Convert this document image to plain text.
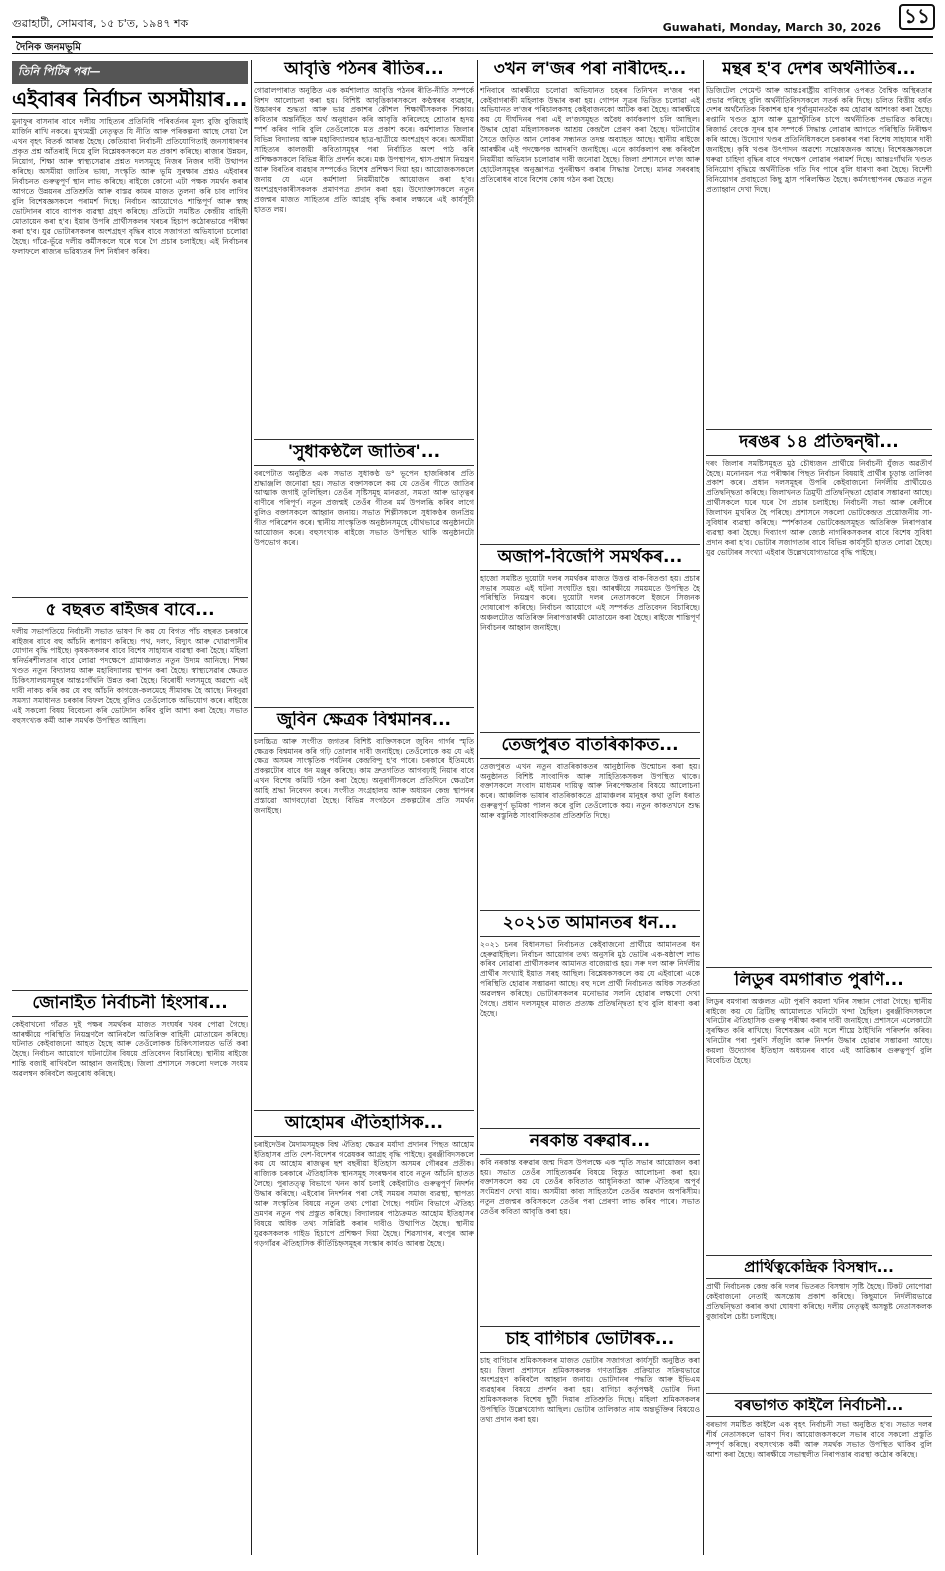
গুৱাহাটী, সোমবাৰ, ১৫ চ'ত, ১৯৪৭ শক	Guwahati, Monday, March 30, 2026 ১১
দৈনিক জনমভূমি
তিনি পিটিৰ পৰা—
এইবাৰৰ নিৰ্বাচন অসমীয়াৰ...
মুনাফুৰ বাসনাৰ বাবে দলীয় সাহিত্যৰ প্ৰতিনিধি পৰিবৰ্তনৰ মূল্য বুজি বুজিয়াই মাৰ্জিন ৰাখি নকৰে। মুখ্যমন্ত্ৰী নেতৃত্বত যি নীতি আৰু পৰিকল্পনা আছে সেয়া লৈ এখন বৃহৎ বিতৰ্ক আৰম্ভ হৈছে। কেতিয়াবা নিৰ্বাচনী প্ৰতিযোগিতাই জনসাধাৰণৰ প্ৰকৃত প্ৰশ্ন আঁতৰাই দিয়ে বুলি বিশ্লেষকসকলে মত প্ৰকাশ কৰিছে। ৰাজ্যৰ উন্নয়ন, নিয়োগ, শিক্ষা আৰু স্বাস্থ্যসেৱাৰ প্ৰশ্নত দলসমূহে নিজৰ নিজৰ দাবী উত্থাপন কৰিছে। অসমীয়া জাতিৰ ভাষা, সংস্কৃতি আৰু ভূমি সুৰক্ষাৰ প্ৰশ্নও এইবাৰৰ নিৰ্বাচনত গুৰুত্বপূৰ্ণ স্থান লাভ কৰিছে। ৰাইজে কোনো এটা পক্ষক সমৰ্থন কৰাৰ আগতে উন্নয়নৰ প্ৰতিশ্ৰুতি আৰু বাস্তৱ কামৰ মাজত তুলনা কৰি চাব লাগিব বুলি বিশেষজ্ঞসকলে পৰামৰ্শ দিছে। নিৰ্বাচন আয়োগেও শান্তিপূৰ্ণ আৰু স্বচ্ছ ভোটদানৰ বাবে ব্যাপক ব্যৱস্থা গ্ৰহণ কৰিছে। প্ৰতিটো সমষ্টিত কেন্দ্ৰীয় বাহিনী মোতায়েন কৰা হ'ব। ইয়াৰ উপৰি প্ৰাৰ্থীসকলৰ খৰচৰ হিচাপ কঠোৰভাৱে পৰীক্ষা কৰা হ'ব। যুৱ ভোটাৰসকলৰ অংশগ্ৰহণ বৃদ্ধিৰ বাবে সজাগতা অভিযানো চলোৱা হৈছে। গাঁৱে-ভূঁৱে দলীয় কৰ্মীসকলে ঘৰে ঘৰে গৈ প্ৰচাৰ চলাইছে। এই নিৰ্বাচনৰ ফলাফলে ৰাজ্যৰ ভৱিষ্যতৰ দিশ নিৰ্ধাৰণ কৰিব।
৫ বছৰত ৰাইজৰ বাবে...
দলীয় সভাপতিয়ে নিৰ্বাচনী সভাত ভাষণ দি কয় যে বিগত পাঁচ বছৰত চৰকাৰে ৰাইজৰ বাবে বহু আঁচনি ৰূপায়ণ কৰিছে। পথ, দলং, বিদ্যুৎ আৰু খোৱাপানীৰ যোগান বৃদ্ধি পাইছে। কৃষকসকলৰ বাবে বিশেষ সাহায্যৰ ব্যৱস্থা কৰা হৈছে। মহিলা স্বনিৰ্ভৰশীলতাৰ বাবে লোৱা পদক্ষেপে গ্ৰামাঞ্চলত নতুন উদ্যম আনিছে। শিক্ষা খণ্ডত নতুন বিদ্যালয় আৰু মহাবিদ্যালয় স্থাপন কৰা হৈছে। স্বাস্থ্যসেৱাৰ ক্ষেত্ৰত চিকিৎসালয়সমূহৰ আন্তঃগাঁথনি উন্নত কৰা হৈছে। বিৰোধী দলসমূহে অৱশ্যে এই দাবী নাকচ কৰি কয় যে বহু আঁচনি কাগজে-কলমেহে সীমাবদ্ধ হৈ আছে। নিবনুৱা সমস্যা সমাধানত চৰকাৰ বিফল হৈছে বুলিও তেওঁলোকে অভিযোগ কৰে। ৰাইজে এই সকলো বিষয় বিবেচনা কৰি ভোটদান কৰিব বুলি আশা কৰা হৈছে। সভাত বহুসংখ্যক কৰ্মী আৰু সমৰ্থক উপস্থিত আছিল।
জোনাইত নিৰ্বাচনী হিংসাৰ...
কেইবাখনো গাঁৱত দুই পক্ষৰ সমৰ্থকৰ মাজত সংঘৰ্ষৰ খবৰ পোৱা গৈছে। আৰক্ষীয়ে পৰিস্থিতি নিয়ন্ত্ৰণলৈ আনিবলৈ অতিৰিক্ত বাহিনী মোতায়েন কৰিছে। ঘটনাত কেইবাজনো আহত হৈছে আৰু তেওঁলোকক চিকিৎসালয়ত ভৰ্তি কৰা হৈছে। নিৰ্বাচন আয়োগে ঘটনাটোৰ বিষয়ে প্ৰতিবেদন বিচাৰিছে। স্থানীয় ৰাইজে শান্তি বজাই ৰাখিবলৈ আহ্বান জনাইছে। জিলা প্ৰশাসনে সকলো দলকে সংযম অৱলম্বন কৰিবলৈ অনুৰোধ কৰিছে।
আবৃত্তি পঠনৰ ৰীতিৰ...
গোৱালপাৰাত অনুষ্ঠিত এক কৰ্মশালাত আবৃত্তি পঠনৰ ৰীতি-নীতি সম্পৰ্কে বিশদ আলোচনা কৰা হয়। বিশিষ্ট আবৃত্তিকাৰসকলে কণ্ঠস্বৰৰ ব্যৱহাৰ, উচ্চাৰণৰ শুদ্ধতা আৰু ভাৱ প্ৰকাশৰ কৌশল শিক্ষাৰ্থীসকলক শিকায়। কবিতাৰ অন্তৰ্নিহিত অৰ্থ অনুধাৱন কৰি আবৃত্তি কৰিলেহে শ্ৰোতাৰ হৃদয় স্পৰ্শ কৰিব পাৰি বুলি তেওঁলোকে মত প্ৰকাশ কৰে। কৰ্মশালাত জিলাৰ বিভিন্ন বিদ্যালয় আৰু মহাবিদ্যালয়ৰ ছাত্ৰ-ছাত্ৰীয়ে অংশগ্ৰহণ কৰে। অসমীয়া সাহিত্যৰ কালজয়ী কবিতাসমূহৰ পৰা নিৰ্বাচিত অংশ পাঠ কৰি প্ৰশিক্ষকসকলে বিভিন্ন ৰীতি প্ৰদৰ্শন কৰে। মঞ্চ উপস্থাপন, শ্বাস-প্ৰশ্বাস নিয়ন্ত্ৰণ আৰু বিৰতিৰ ব্যৱহাৰ সম্পৰ্কেও বিশেষ প্ৰশিক্ষণ দিয়া হয়। আয়োজকসকলে জনায় যে এনে কৰ্মশালা নিয়মীয়াকৈ আয়োজন কৰা হ'ব। অংশগ্ৰহণকাৰীসকলক প্ৰমাণপত্ৰ প্ৰদান কৰা হয়। উদ্যোক্তাসকলে নতুন প্ৰজন্মৰ মাজত সাহিত্যৰ প্ৰতি আগ্ৰহ বৃদ্ধি কৰাৰ লক্ষ্যৰে এই কাৰ্যসূচী হাতত লয়।
'সুধাকণ্ঠলৈ জাতিৰ'...
বৰপেটাত অনুষ্ঠিত এক সভাত সুধাকণ্ঠ ড° ভূপেন হাজৰিকাৰ প্ৰতি শ্ৰদ্ধাঞ্জলি জনোৱা হয়। সভাত বক্তাসকলে কয় যে তেওঁৰ গীতে জাতিৰ আত্মাক জগাই তুলিছিল। তেওঁৰ সৃষ্টিসমূহ মানৱতা, সমতা আৰু ভাতৃত্বৰ বাণীৰে পৰিপূৰ্ণ। নতুন প্ৰজন্মই তেওঁৰ গীতৰ মৰ্ম উপলব্ধি কৰিব লাগে বুলিও বক্তাসকলে আহ্বান জনায়। সভাত শিল্পীসকলে সুধাকণ্ঠৰ জনপ্ৰিয় গীত পৰিৱেশন কৰে। স্থানীয় সাংস্কৃতিক অনুষ্ঠানসমূহে যৌথভাৱে অনুষ্ঠানটো আয়োজন কৰে। বহুসংখ্যক ৰাইজে সভাত উপস্থিত থাকি অনুষ্ঠানটো উপভোগ কৰে।
জুবিন ক্ষেত্ৰক বিশ্বমানৰ...
চলচ্চিত্ৰ আৰু সংগীত জগতৰ বিশিষ্ট ব্যক্তিসকলে জুবিন গাৰ্গৰ স্মৃতি ক্ষেত্ৰক বিশ্বমানৰ কৰি গঢ়ি তোলাৰ দাবী জনাইছে। তেওঁলোকে কয় যে এই ক্ষেত্ৰ অসমৰ সাংস্কৃতিক পৰ্যটনৰ কেন্দ্ৰবিন্দু হ'ব পাৰে। চৰকাৰে ইতিমধ্যে প্ৰকল্পটোৰ বাবে ধন মঞ্জুৰ কৰিছে। কাম দ্ৰুতগতিত আগবঢ়াই নিয়াৰ বাবে এখন বিশেষ কমিটি গঠন কৰা হৈছে। অনুৰাগীসকলে প্ৰতিদিনে ক্ষেত্ৰলৈ আহি শ্ৰদ্ধা নিবেদন কৰে। সংগীত সংগ্ৰহালয় আৰু অধ্যয়ন কেন্দ্ৰ স্থাপনৰ প্ৰস্তাৱো আগবঢ়োৱা হৈছে। বিভিন্ন সংগঠনে প্ৰকল্পটোৰ প্ৰতি সমৰ্থন জনাইছে।
আহোমৰ ঐতিহাসিক...
চৰাইদেউৰ মৈদামসমূহক বিশ্ব ঐতিহ্য ক্ষেত্ৰৰ মৰ্যাদা প্ৰদানৰ পিছত আহোম ইতিহাসৰ প্ৰতি দেশ-বিদেশৰ গৱেষকৰ আগ্ৰহ বৃদ্ধি পাইছে। বুৰঞ্জীবিদসকলে কয় যে আহোম ৰাজত্বৰ ছশ বছৰীয়া ইতিহাস অসমৰ গৌৰৱৰ প্ৰতীক। ৰাজ্যিক চৰকাৰে ঐতিহাসিক স্থানসমূহ সংৰক্ষণৰ বাবে নতুন আঁচনি হাতত লৈছে। পুৰাতত্ত্ব বিভাগে খনন কাৰ্য চলাই কেইবাটাও গুৰুত্বপূৰ্ণ নিদৰ্শন উদ্ধাৰ কৰিছে। এইবোৰ নিদৰ্শনৰ পৰা সেই সময়ৰ সমাজ ব্যৱস্থা, স্থাপত্য আৰু সংস্কৃতিৰ বিষয়ে নতুন তথ্য পোৱা গৈছে। পৰ্যটন বিভাগে ঐতিহ্য ভ্ৰমণৰ নতুন পথ প্ৰস্তুত কৰিছে। বিদ্যালয়ৰ পাঠ্যক্ৰমত আহোম ইতিহাসৰ বিষয়ে অধিক তথ্য সন্নিৱিষ্ট কৰাৰ দাবীও উত্থাপিত হৈছে। স্থানীয় যুৱকসকলক গাইড হিচাপে প্ৰশিক্ষণ দিয়া হৈছে। শিৱসাগৰ, ৰংপুৰ আৰু গড়গাঁৱৰ ঐতিহাসিক কীৰ্তিচিহ্নসমূহৰ সংস্কাৰ কাৰ্যও আৰম্ভ হৈছে।
৩খন ল'জৰ পৰা নাৰীদেহ...
শনিবাৰে আৰক্ষীয়ে চলোৱা অভিযানত চহৰৰ তিনিখন ল'জৰ পৰা কেইবাগৰাকী মহিলাক উদ্ধাৰ কৰা হয়। গোপন সূত্ৰৰ ভিত্তিত চলোৱা এই অভিযানত ল'জৰ পৰিচালকসহ কেইবাজনকো আটক কৰা হৈছে। আৰক্ষীয়ে কয় যে দীৰ্ঘদিনৰ পৰা এই ল'জসমূহত অবৈধ কাৰ্যকলাপ চলি আছিল। উদ্ধাৰ হোৱা মহিলাসকলক আশ্ৰয় কেন্দ্ৰলৈ প্ৰেৰণ কৰা হৈছে। ঘটনাটোৰ সৈতে জড়িত আন লোকৰ সন্ধানত তদন্ত অব্যাহত আছে। স্থানীয় ৰাইজে আৰক্ষীৰ এই পদক্ষেপক আদৰণি জনাইছে। এনে কাৰ্যকলাপ বন্ধ কৰিবলৈ নিয়মীয়া অভিযান চলোৱাৰ দাবী জনোৱা হৈছে। জিলা প্ৰশাসনে ল'জ আৰু হোটেলসমূহৰ অনুজ্ঞাপত্ৰ পুনৰীক্ষণ কৰাৰ সিদ্ধান্ত লৈছে। মানৱ সৰবৰাহ প্ৰতিৰোধৰ বাবে বিশেষ কোষ গঠন কৰা হৈছে।
অজাপ-বিজেপি সমৰ্থকৰ...
হাজো সমষ্টিত দুয়োটা দলৰ সমৰ্থকৰ মাজত উত্তপ্ত বাক-বিতণ্ডা হয়। প্ৰচাৰ সভাৰ সময়ত এই ঘটনা সংঘটিত হয়। আৰক্ষীয়ে সময়মতে উপস্থিত হৈ পৰিস্থিতি নিয়ন্ত্ৰণ কৰে। দুয়োটা দলৰ নেতাসকলে ইজনে সিজনক দোষাৰোপ কৰিছে। নিৰ্বাচন আয়োগে এই সম্পৰ্কত প্ৰতিবেদন বিচাৰিছে। অঞ্চলটোত অতিৰিক্ত নিৰাপত্তাৰক্ষী মোতায়েন কৰা হৈছে। ৰাইজে শান্তিপূৰ্ণ নিৰ্বাচনৰ আহ্বান জনাইছে।
তেজপুৰত বাতৰিকাকত...
তেজপুৰত এখন নতুন বাতৰিকাকতৰ আনুষ্ঠানিক উন্মোচন কৰা হয়। অনুষ্ঠানত বিশিষ্ট সাংবাদিক আৰু সাহিত্যিকসকল উপস্থিত থাকে। বক্তাসকলে সংবাদ মাধ্যমৰ দায়িত্ব আৰু নিৰপেক্ষতাৰ বিষয়ে আলোচনা কৰে। আঞ্চলিক ভাষাৰ বাতৰিকাকতে গ্ৰামাঞ্চলৰ মানুহৰ কথা তুলি ধৰাত গুৰুত্বপূৰ্ণ ভূমিকা পালন কৰে বুলি তেওঁলোকে কয়। নতুন কাকতখনে শুদ্ধ আৰু বস্তুনিষ্ঠ সাংবাদিকতাৰ প্ৰতিশ্ৰুতি দিছে।
২০২১ত আমানতৰ ধন...
২০২১ চনৰ বিধানসভা নিৰ্বাচনত কেইবাজনো প্ৰাৰ্থীয়ে আমানতৰ ধন হেৰুৱাইছিল। নিৰ্বাচন আয়োগৰ তথ্য অনুসৰি মুঠ ভোটৰ এক-ষষ্ঠাংশ লাভ কৰিব নোৱাৰা প্ৰাৰ্থীসকলৰ আমানত বাজেয়াপ্ত হয়। সৰু দল আৰু নিৰ্দলীয় প্ৰাৰ্থীৰ সংখ্যাই ইয়াত সৰহ আছিল। বিশ্লেষকসকলে কয় যে এইবাৰো একে পৰিস্থিতি হোৱাৰ সম্ভাৱনা আছে। বহু দলে প্ৰাৰ্থী নিৰ্বাচনত অধিক সতৰ্কতা অৱলম্বন কৰিছে। ভোটাৰসকলৰ মনোভাৱ সলনি হোৱাৰ লক্ষণো দেখা গৈছে। প্ৰধান দলসমূহৰ মাজত প্ৰত্যক্ষ প্ৰতিদ্বন্দ্বিতা হ'ব বুলি ধাৰণা কৰা হৈছে।
নৰকান্ত বৰুৱাৰ...
কবি নৰকান্ত বৰুৱাৰ জন্ম দিৱস উপলক্ষে এক স্মৃতি সভাৰ আয়োজন কৰা হয়। সভাত তেওঁৰ সাহিত্যকৰ্মৰ বিষয়ে বিস্তৃত আলোচনা কৰা হয়। বক্তাসকলে কয় যে তেওঁৰ কবিতাত আধুনিকতা আৰু ঐতিহ্যৰ অপূৰ্ব সংমিশ্ৰণ দেখা যায়। অসমীয়া কাব্য সাহিত্যলৈ তেওঁৰ অৱদান অপৰিসীম। নতুন প্ৰজন্মৰ কবিসকলে তেওঁৰ পৰা প্ৰেৰণা লাভ কৰিব পাৰে। সভাত তেওঁৰ কবিতা আবৃত্তি কৰা হয়।
চাহ বাগিচাৰ ভোটাৰক...
চাহ বাগিচাৰ শ্ৰমিকসকলৰ মাজত ভোটাৰ সজাগতা কাৰ্যসূচী অনুষ্ঠিত কৰা হয়। জিলা প্ৰশাসনে শ্ৰমিকসকলক গণতান্ত্ৰিক প্ৰক্ৰিয়াত সক্ৰিয়ভাৱে অংশগ্ৰহণ কৰিবলৈ আহ্বান জনায়। ভোটদানৰ পদ্ধতি আৰু ইভিএম ব্যৱহাৰৰ বিষয়ে প্ৰদৰ্শন কৰা হয়। বাগিচা কৰ্তৃপক্ষই ভোটৰ দিনা শ্ৰমিকসকলক বিশেষ ছুটী দিয়াৰ প্ৰতিশ্ৰুতি দিছে। মহিলা শ্ৰমিকসকলৰ উপস্থিতি উল্লেখযোগ্য আছিল। ভোটাৰ তালিকাত নাম অন্তৰ্ভুক্তিৰ বিষয়েও তথ্য প্ৰদান কৰা হয়।
মন্থৰ হ'ব দেশৰ অৰ্থনীতিৰ...
ডিজিটেল পেমেণ্ট আৰু আন্তঃৰাষ্ট্ৰীয় বাণিজ্যৰ ওপৰত বৈশ্বিক অস্থিৰতাৰ প্ৰভাৱ পৰিছে বুলি অৰ্থনীতিবিদসকলে সতৰ্ক কৰি দিছে। চলিত বিত্তীয় বৰ্ষত দেশৰ অৰ্থনৈতিক বিকাশৰ হাৰ পূৰ্বানুমানতকৈ কম হোৱাৰ আশংকা কৰা হৈছে। ৰপ্তানি খণ্ডত হ্ৰাস আৰু মুদ্ৰাস্ফীতিৰ চাপে অৰ্থনীতিক প্ৰভাৱিত কৰিছে। ৰিজাৰ্ভ বেংকে সুদৰ হাৰ সম্পৰ্কে সিদ্ধান্ত লোৱাৰ আগতে পৰিস্থিতি নিৰীক্ষণ কৰি আছে। উদ্যোগ খণ্ডৰ প্ৰতিনিধিসকলে চৰকাৰৰ পৰা বিশেষ সাহায্যৰ দাবী জনাইছে। কৃষি খণ্ডৰ উৎপাদন অৱশ্যে সন্তোষজনক আছে। বিশেষজ্ঞসকলে ঘৰুৱা চাহিদা বৃদ্ধিৰ বাবে পদক্ষেপ লোৱাৰ পৰামৰ্শ দিছে। আন্তঃগাঁথনি খণ্ডত বিনিয়োগ বৃদ্ধিয়ে অৰ্থনীতিক গতি দিব পাৰে বুলি ধাৰণা কৰা হৈছে। বিদেশী বিনিয়োগৰ প্ৰবাহতো কিছু হ্ৰাস পৰিলক্ষিত হৈছে। কৰ্মসংস্থাপনৰ ক্ষেত্ৰত নতুন প্ৰত্যাহ্বান দেখা দিছে।
দৰঙৰ ১৪ প্ৰতিদ্বন্দ্বী...
দৰং জিলাৰ সমষ্টিসমূহত মুঠ চৌধ্যজন প্ৰাৰ্থীয়ে নিৰ্বাচনী যুঁজত অৱতীৰ্ণ হৈছে। মনোনয়ন পত্ৰ পৰীক্ষাৰ পিছত নিৰ্বাচন বিষয়াই প্ৰাৰ্থীৰ চূড়ান্ত তালিকা প্ৰকাশ কৰে। প্ৰধান দলসমূহৰ উপৰি কেইবাজনো নিৰ্দলীয় প্ৰাৰ্থীয়েও প্ৰতিদ্বন্দ্বিতা কৰিছে। জিলাখনত ত্ৰিমুখী প্ৰতিদ্বন্দ্বিতা হোৱাৰ সম্ভাৱনা আছে। প্ৰাৰ্থীসকলে ঘৰে ঘৰে গৈ প্ৰচাৰ চলাইছে। নিৰ্বাচনী সভা আৰু ৰেলীৰে জিলাখন মুখৰিত হৈ পৰিছে। প্ৰশাসনে সকলো ভোটকেন্দ্ৰত প্ৰয়োজনীয় সা-সুবিধাৰ ব্যৱস্থা কৰিছে। স্পৰ্শকাতৰ ভোটকেন্দ্ৰসমূহত অতিৰিক্ত নিৰাপত্তাৰ ব্যৱস্থা কৰা হৈছে। দিব্যাংগ আৰু জ্যেষ্ঠ নাগৰিকসকলৰ বাবে বিশেষ সুবিধা প্ৰদান কৰা হ'ব। ভোটাৰ সজাগতাৰ বাবে বিভিন্ন কাৰ্যসূচী হাতত লোৱা হৈছে। যুৱ ভোটাৰৰ সংখ্যা এইবাৰ উল্লেখযোগ্যভাৱে বৃদ্ধি পাইছে।
লিডুৰ বমগাৰাত পুৰণি...
লিডুৰ বমগাৰা অঞ্চলত এটা পুৰণি কয়লা খনিৰ সন্ধান পোৱা গৈছে। স্থানীয় ৰাইজে কয় যে ব্ৰিটিছ আমোলতে খনিটো খন্দা হৈছিল। বুৰঞ্জীবিদসকলে খনিটোৰ ঐতিহাসিক গুৰুত্ব পৰীক্ষা কৰাৰ দাবী জনাইছে। প্ৰশাসনে এলেকাটো সুৰক্ষিত কৰি ৰাখিছে। বিশেষজ্ঞৰ এটা দলে শীঘ্ৰে ঠাইখিনি পৰিদৰ্শন কৰিব। খনিটোৰ পৰা পুৰণি সঁজুলি আৰু নিদৰ্শন উদ্ধাৰ হোৱাৰ সম্ভাৱনা আছে। কয়লা উদ্যোগৰ ইতিহাস অধ্যয়নৰ বাবে এই আৱিষ্কাৰ গুৰুত্বপূৰ্ণ বুলি বিবেচিত হৈছে।
প্ৰাৰ্থিত্বকেন্দ্ৰিক বিসম্বাদ...
প্ৰাৰ্থী নিৰ্বাচনক কেন্দ্ৰ কৰি দলৰ ভিতৰত বিসম্বাদ সৃষ্টি হৈছে। টিকট নোপোৱা কেইবাজনো নেতাই অসন্তোষ প্ৰকাশ কৰিছে। কিছুমানে নিৰ্দলীয়ভাৱে প্ৰতিদ্বন্দ্বিতা কৰাৰ কথা ঘোষণা কৰিছে। দলীয় নেতৃত্বই অসন্তুষ্ট নেতাসকলক বুজাবলৈ চেষ্টা চলাইছে।
বৰভাগত কাইলৈ নিৰ্বাচনী...
বৰভাগ সমষ্টিত কাইলৈ এক বৃহৎ নিৰ্বাচনী সভা অনুষ্ঠিত হ'ব। সভাত দলৰ শীৰ্ষ নেতাসকলে ভাষণ দিব। আয়োজকসকলে সভাৰ বাবে সকলো প্ৰস্তুতি সম্পূৰ্ণ কৰিছে। বহুসংখ্যক কৰ্মী আৰু সমৰ্থক সভাত উপস্থিত থাকিব বুলি আশা কৰা হৈছে। আৰক্ষীয়ে সভাস্থলীত নিৰাপত্তাৰ ব্যৱস্থা কঠোৰ কৰিছে।
